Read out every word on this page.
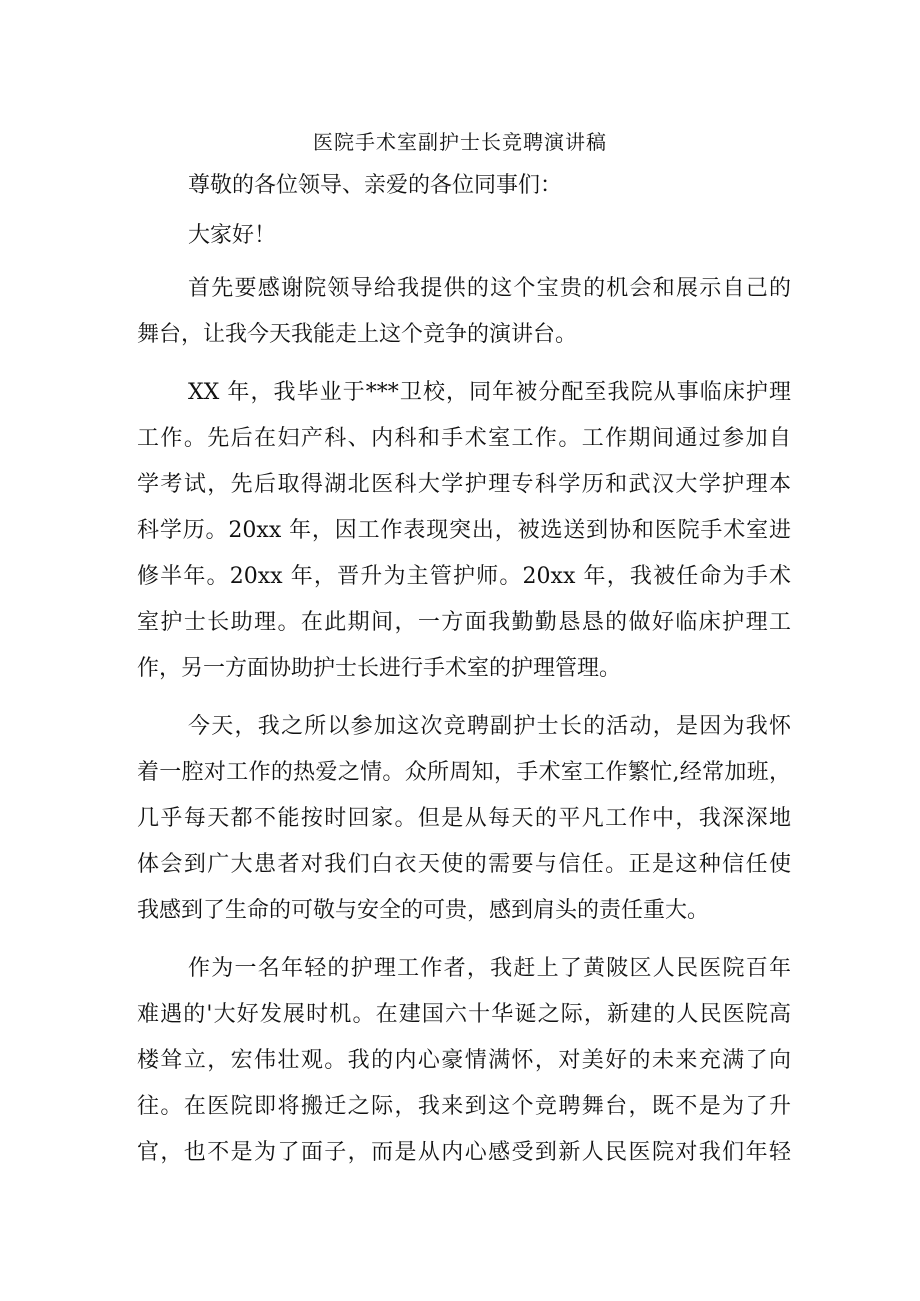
医院手术室副护士长竞聘演讲稿
尊敬的各位领导、亲爱的各位同事们：
大家好！
首先要感谢院领导给我提供的这个宝贵的机会和展示自己的
舞台，让我今天我能走上这个竞争的演讲台。
XX 年，我毕业于***卫校，同年被分配至我院从事临床护理
工作。先后在妇产科、内科和手术室工作。工作期间通过参加自
学考试，先后取得湖北医科大学护理专科学历和武汉大学护理本
科学历。20xx 年，因工作表现突出，被选送到协和医院手术室进
修半年。20xx 年，晋升为主管护师。20xx 年，我被任命为手术
室护士长助理。在此期间，一方面我勤勤恳恳的做好临床护理工
作，另一方面协助护士长进行手术室的护理管理。
今天，我之所以参加这次竞聘副护士长的活动，是因为我怀
着一腔对工作的热爱之情。众所周知，手术室工作繁忙,经常加班，
几乎每天都不能按时回家。但是从每天的平凡工作中，我深深地
体会到广大患者对我们白衣天使的需要与信任。正是这种信任使
我感到了生命的可敬与安全的可贵，感到肩头的责任重大。
作为一名年轻的护理工作者，我赶上了黄陂区人民医院百年
难遇的'大好发展时机。在建国六十华诞之际，新建的人民医院高
楼耸立，宏伟壮观。我的内心豪情满怀，对美好的未来充满了向
往。在医院即将搬迁之际，我来到这个竞聘舞台，既不是为了升
官，也不是为了面子，而是从内心感受到新人民医院对我们年轻
